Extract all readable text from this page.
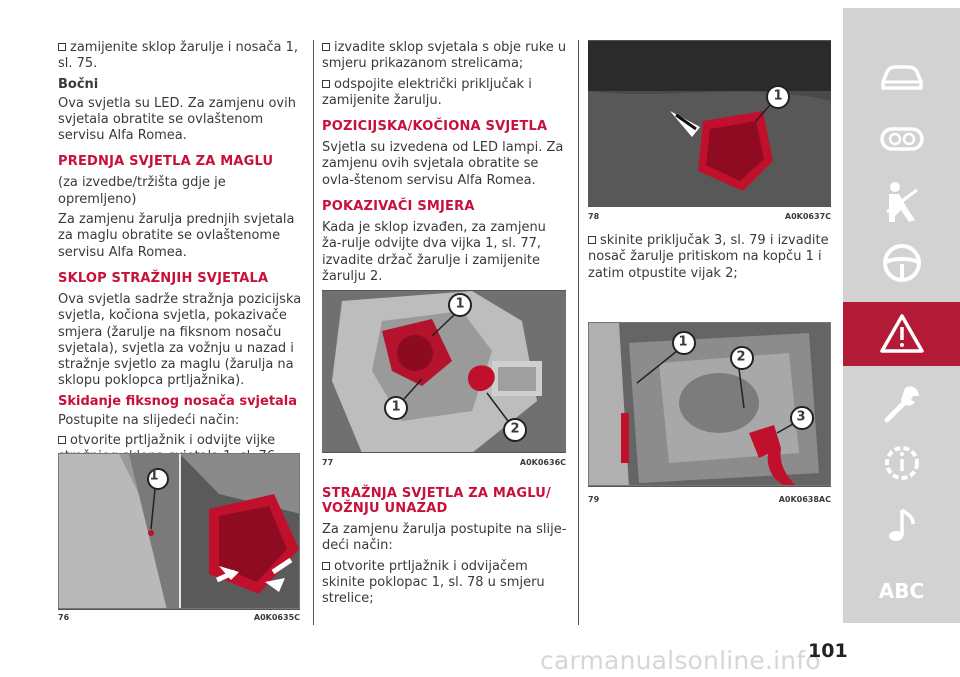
zamijenite sklop žarulje i nosača 1, sl. 75.

Bočni

Ova svjetla su LED. Za zamjenu ovih svjetala obratite se ovlaštenom servisu Alfa Romea.

PREDNJA SVJETLA ZA MAGLU

(za izvedbe/tržišta gdje je opremljeno)

Za zamjenu žarulja prednjih svjetala za maglu obratite se ovlaštenome servisu Alfa Romea.

SKLOP STRAŽNJIH SVJETALA

Ova svjetla sadrže stražnja pozicijska svjetla, kočiona svjetla, pokazivače smjera (žarulje na fiksnom nosaču svjetala), svjetla za vožnju u nazad i stražnje svjetlo za maglu (žarulja na sklopu poklopca prtljažnika).

Skidanje fiksnog nosača svjetala

Postupite na slijedeći način:

otvorite prtljažnik i odvijte vijke

1
76	A0K0635C

izvadite sklop svjetala s obje ruke u smjeru prikazanom strelicama;

odspojite električki priključak i zamijenite žarulju.

POZICIJSKA/KOČIONA SVJETLA

Svjetla su izvedena od LED lampi. Za zamjenu ovih svjetala obratite se ovla-štenom servisu Alfa Romea.

POKAZIVAČI SMJERA

Kada je sklop izvađen, za zamjenu ža-rulje odvijte dva vijka 1, sl. 77, izvadite držač žarulje i zamijenite žarulju 2.

1
1
2
77	A0K0636C
STRAŽNJA SVJETLA ZA MAGLU/ VOŽNJU UNAZAD

Za zamjenu žarulja postupite na slije-deći način:

otvorite prtljažnik i odvijačem skinite poklopac 1, sl. 78 u smjeru strelice;

1
78	A0K0637C

skinite priključak 3, sl. 79 i izvadite nosač žarulje pritiskom na kopču 1 i zatim otpustite vijak 2;

1
2
3
79	A0K0638AC
ABC
carmanualsonline.info
101
